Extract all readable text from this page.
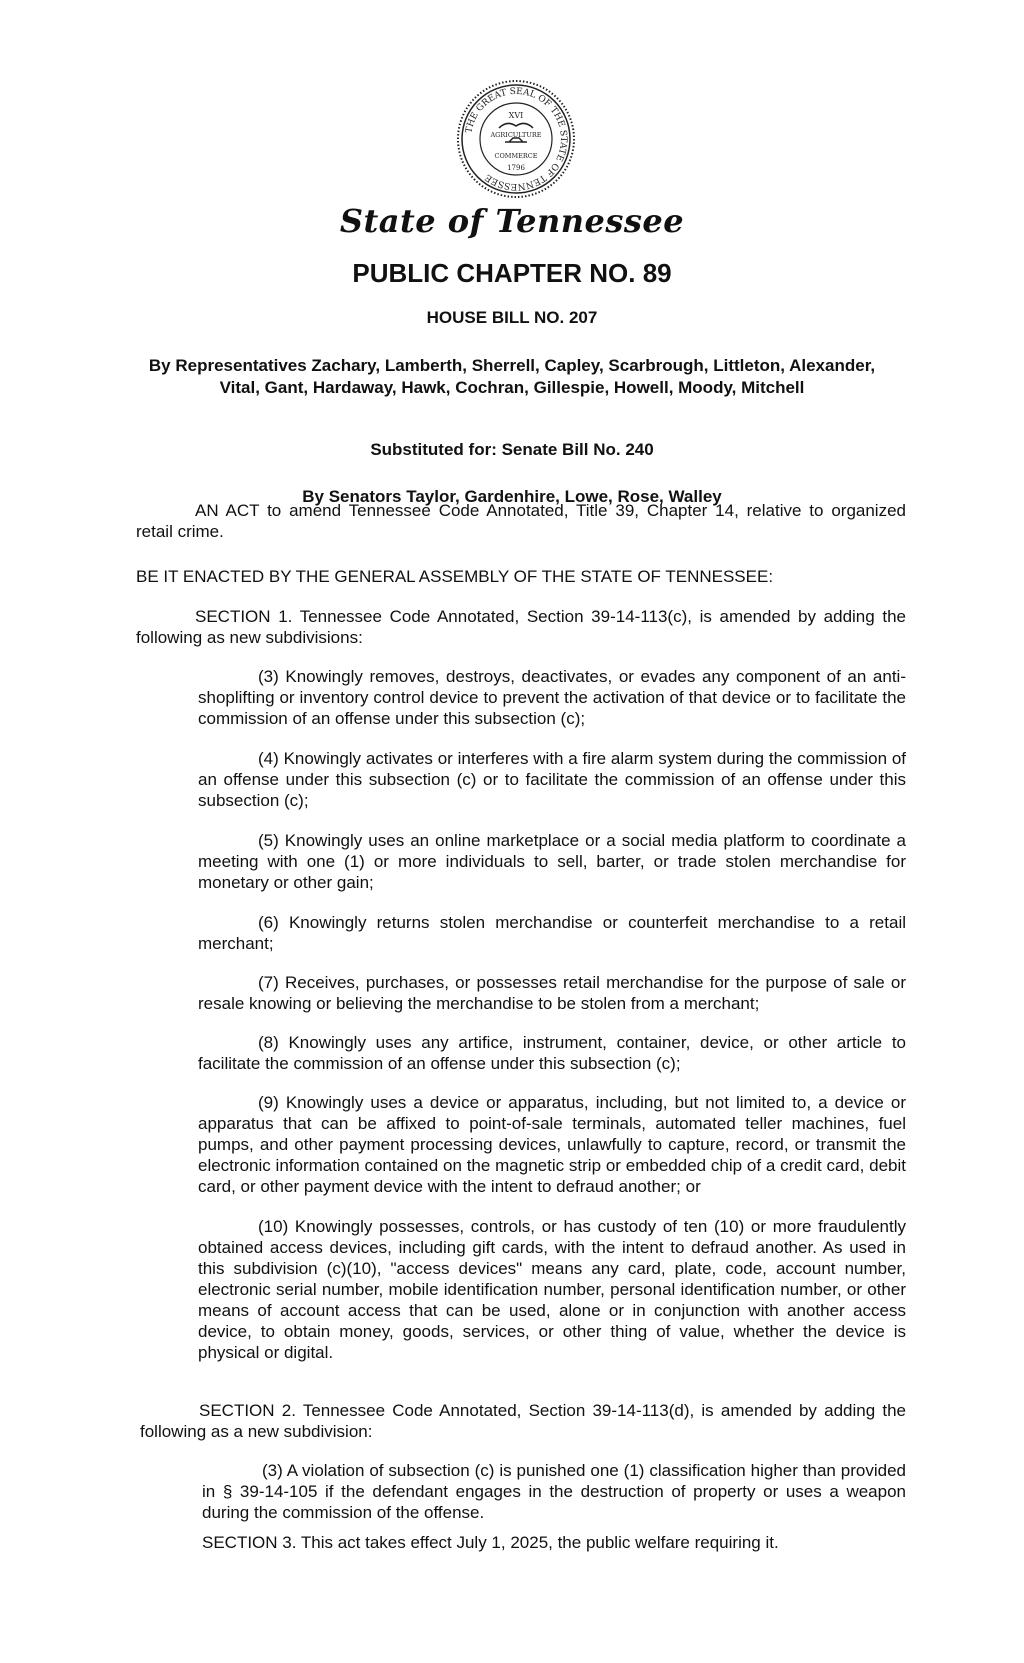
THE GREAT SEAL OF THE STATE OF TENNESSEE
XVI
AGRICULTURE
COMMERCE
1796
State of Tennessee
PUBLIC CHAPTER NO. 89
HOUSE BILL NO. 207
By Representatives Zachary, Lamberth, Sherrell, Capley, Scarbrough, Littleton, Alexander, Vital, Gant, Hardaway, Hawk, Cochran, Gillespie, Howell, Moody, Mitchell
Substituted for: Senate Bill No. 240
By Senators Taylor, Gardenhire, Lowe, Rose, Walley
AN ACT to amend Tennessee Code Annotated, Title 39, Chapter 14, relative to organized retail crime.
BE IT ENACTED BY THE GENERAL ASSEMBLY OF THE STATE OF TENNESSEE:
SECTION 1. Tennessee Code Annotated, Section 39-14-113(c), is amended by adding the following as new subdivisions:
(3) Knowingly removes, destroys, deactivates, or evades any component of an anti-shoplifting or inventory control device to prevent the activation of that device or to facilitate the commission of an offense under this subsection (c);
(4) Knowingly activates or interferes with a fire alarm system during the commission of an offense under this subsection (c) or to facilitate the commission of an offense under this subsection (c);
(5) Knowingly uses an online marketplace or a social media platform to coordinate a meeting with one (1) or more individuals to sell, barter, or trade stolen merchandise for monetary or other gain;
(6) Knowingly returns stolen merchandise or counterfeit merchandise to a retail merchant;
(7) Receives, purchases, or possesses retail merchandise for the purpose of sale or resale knowing or believing the merchandise to be stolen from a merchant;
(8) Knowingly uses any artifice, instrument, container, device, or other article to facilitate the commission of an offense under this subsection (c);
(9) Knowingly uses a device or apparatus, including, but not limited to, a device or apparatus that can be affixed to point-of-sale terminals, automated teller machines, fuel pumps, and other payment processing devices, unlawfully to capture, record, or transmit the electronic information contained on the magnetic strip or embedded chip of a credit card, debit card, or other payment device with the intent to defraud another; or
(10) Knowingly possesses, controls, or has custody of ten (10) or more fraudulently obtained access devices, including gift cards, with the intent to defraud another. As used in this subdivision (c)(10), "access devices" means any card, plate, code, account number, electronic serial number, mobile identification number, personal identification number, or other means of account access that can be used, alone or in conjunction with another access device, to obtain money, goods, services, or other thing of value, whether the device is physical or digital.
SECTION 2. Tennessee Code Annotated, Section 39-14-113(d), is amended by adding the following as a new subdivision:
(3) A violation of subsection (c) is punished one (1) classification higher than provided in § 39-14-105 if the defendant engages in the destruction of property or uses a weapon during the commission of the offense.
SECTION 3. This act takes effect July 1, 2025, the public welfare requiring it.
